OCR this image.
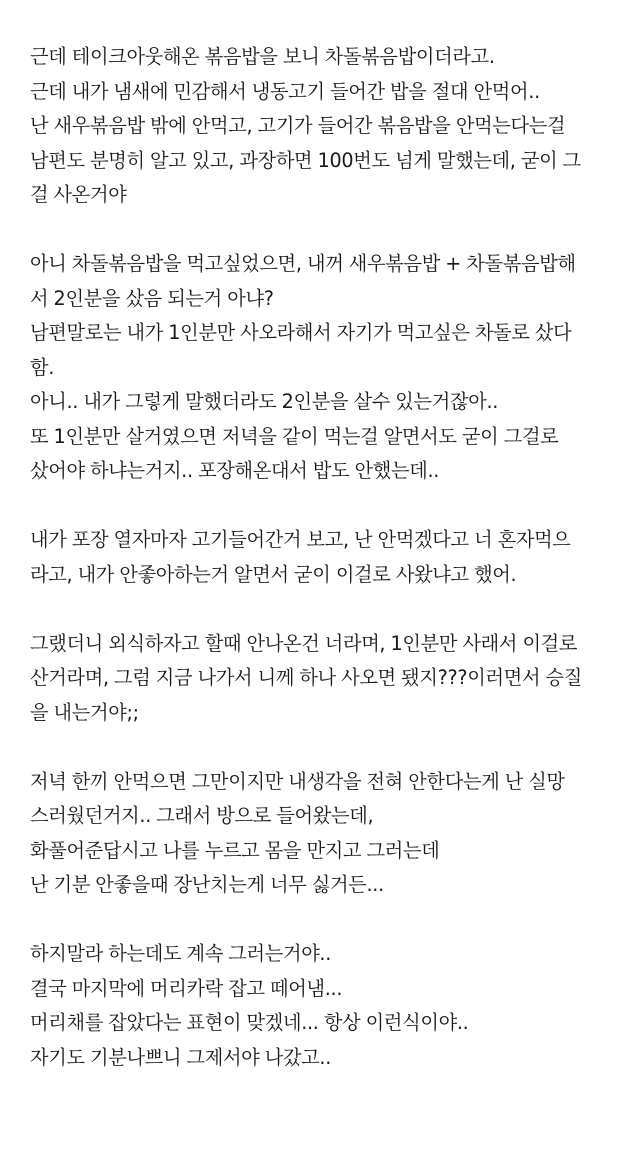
근데 테이크아웃해온 볶음밥을 보니 차돌볶음밥이더라고.
근데 내가 냄새에 민감해서 냉동고기 들어간 밥을 절대 안먹어..
난 새우볶음밥 밖에 안먹고, 고기가 들어간 볶음밥을 안먹는다는걸
남편도 분명히 알고 있고, 과장하면 100번도 넘게 말했는데, 굳이 그
걸 사온거야
아니 차돌볶음밥을 먹고싶었으면, 내꺼 새우볶음밥 + 차돌볶음밥해
서 2인분을 샀음 되는거 아냐?
남편말로는 내가 1인분만 사오라해서 자기가 먹고싶은 차돌로 샀다
함.
아니.. 내가 그렇게 말했더라도 2인분을 살수 있는거잖아..
또 1인분만 살거였으면 저녁을 같이 먹는걸 알면서도 굳이 그걸로
샀어야 하냐는거지.. 포장해온대서 밥도 안했는데..
내가 포장 열자마자 고기들어간거 보고, 난 안먹겠다고 너 혼자먹으
라고, 내가 안좋아하는거 알면서 굳이 이걸로 사왔냐고 했어.
그랬더니 외식하자고 할때 안나온건 너라며, 1인분만 사래서 이걸로
산거라며, 그럼 지금 나가서 니께 하나 사오면 됐지???이러면서 승질
을 내는거야;;
저녁 한끼 안먹으면 그만이지만 내생각을 전혀 안한다는게 난 실망
스러웠던거지.. 그래서 방으로 들어왔는데,
화풀어준답시고 나를 누르고 몸을 만지고 그러는데
난 기분 안좋을때 장난치는게 너무 싫거든...
하지말라 하는데도 계속 그러는거야..
결국 마지막에 머리카락 잡고 떼어냄...
머리채를 잡았다는 표현이 맞겠네... 항상 이런식이야..
자기도 기분나쁘니 그제서야 나갔고..
